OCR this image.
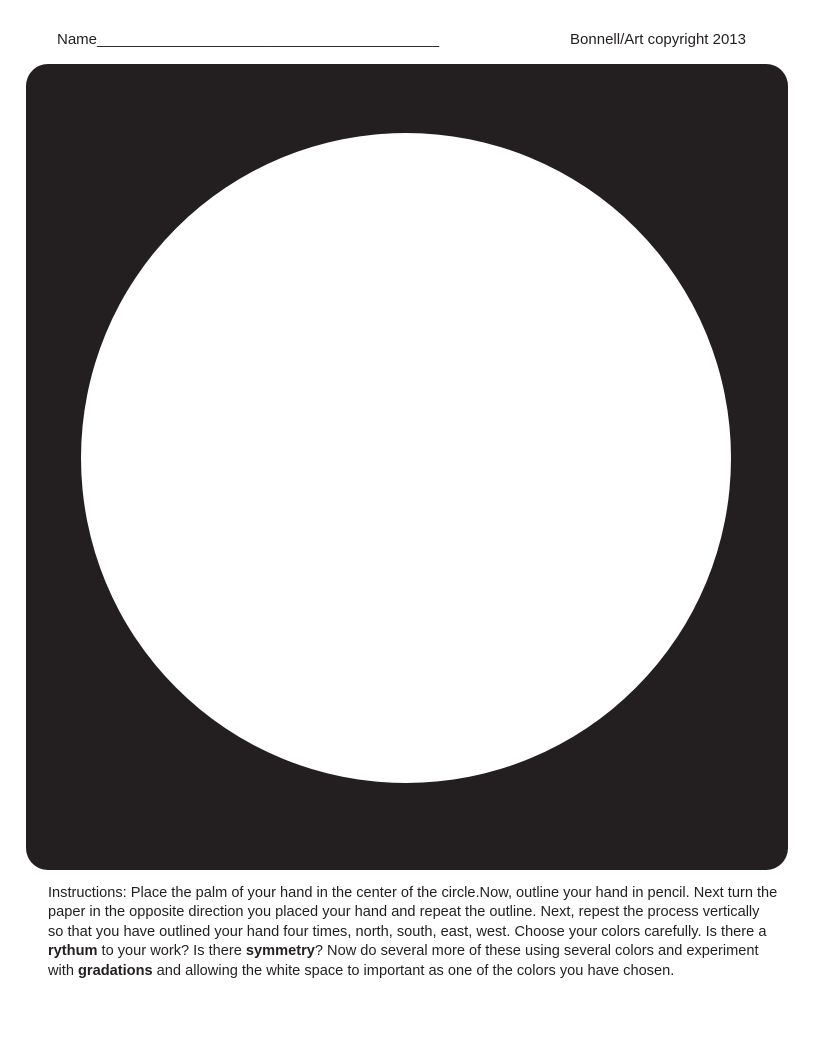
Name_________________________________________	Bonnell/Art copyright 2013

Instructions: Place the palm of your hand in the center of the circle.Now, outline your hand in pencil. Next turn the paper in the opposite direction you placed your hand and repeat the outline. Next, repest the process vertically so that you have outlined your hand four times, north, south, east, west. Choose your colors carefully. Is there a rythum to your work? Is there symmetry? Now do several more of these using several colors and experiment with gradations and allowing the white space to important as one of the colors you have chosen.
